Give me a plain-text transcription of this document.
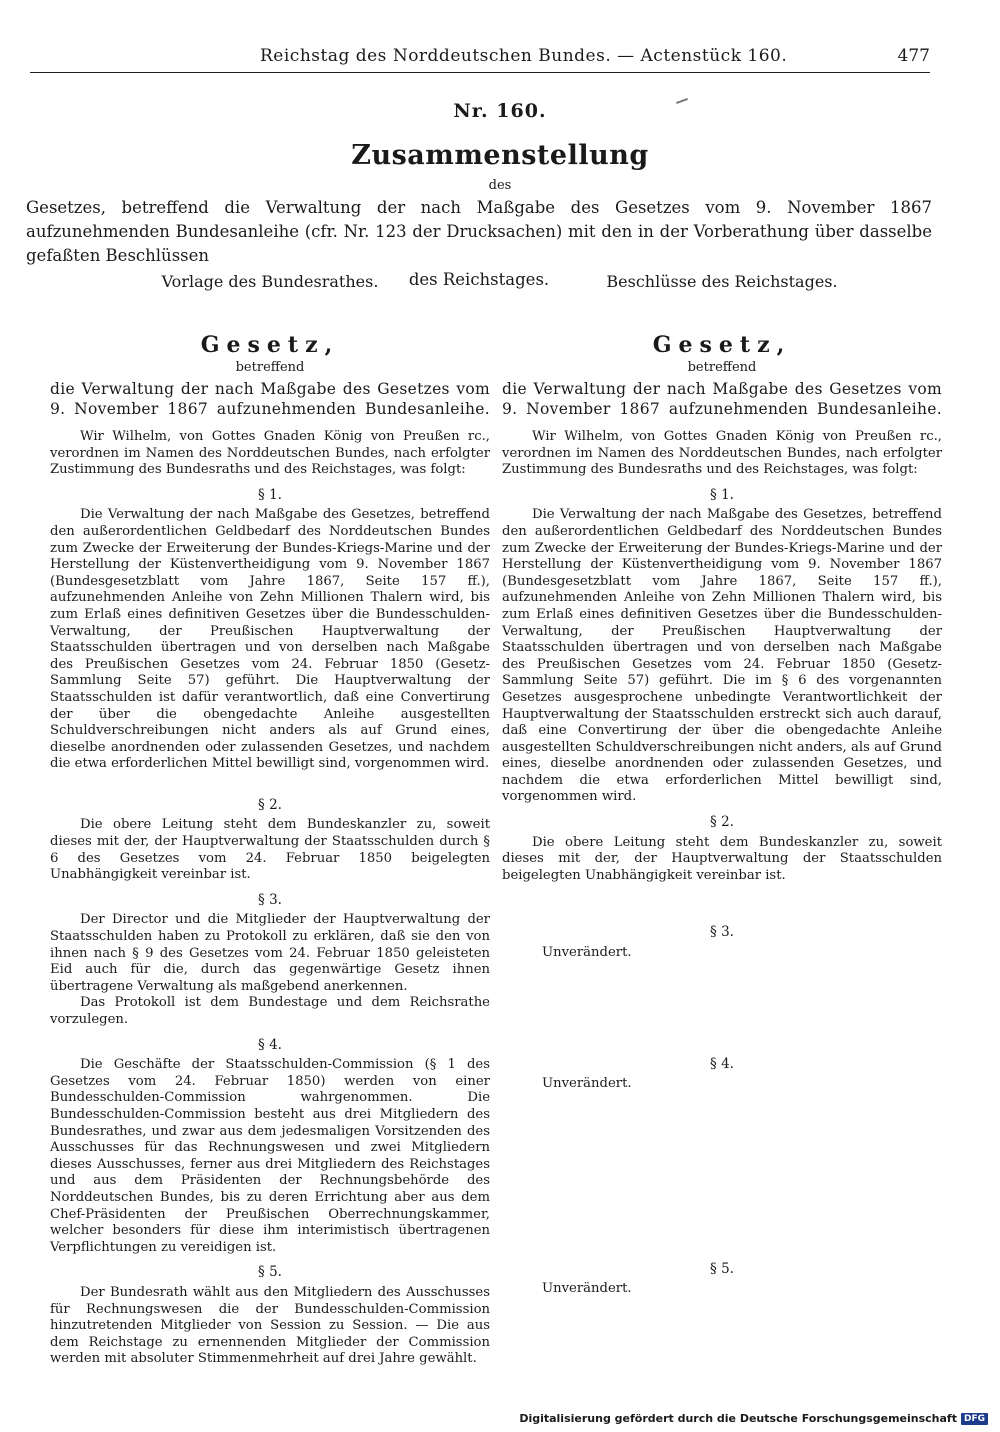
Reichstag des Norddeutschen Bundes. — Actenstück 160.	477
Nr. 160.
Zusammenstellung
des
Gesetzes, betreffend die Verwaltung der nach Maßgabe des Gesetzes vom 9. November 1867 aufzunehmenden Bundesanleihe (cfr. Nr. 123 der Drucksachen) mit den in der Vorberathung über dasselbe gefaßten Beschlüssen
des Reichstages.
Vorlage des Bundesrathes.	Beschlüsse des Reichstages.

Gesetz,

betreffend

die Verwaltung der nach Maßgabe des Gesetzes vom
9. November 1867 aufzunehmenden Bundesanleihe.

Wir Wilhelm, von Gottes Gnaden König von Preußen rc., verordnen im Namen des Norddeutschen Bundes, nach erfolgter Zustimmung des Bundesraths und des Reichstages, was folgt:

§ 1.

Die Verwaltung der nach Maßgabe des Gesetzes, betreffend den außerordentlichen Geldbedarf des Norddeutschen Bundes zum Zwecke der Erweiterung der Bundes-Kriegs-Marine und der Herstellung der Küstenvertheidigung vom 9. November 1867 (Bundesgesetzblatt vom Jahre 1867, Seite 157 ff.), aufzunehmenden Anleihe von Zehn Millionen Thalern wird, bis zum Erlaß eines definitiven Gesetzes über die Bundesschulden-Verwaltung, der Preußischen Hauptverwaltung der Staatsschulden übertragen und von derselben nach Maßgabe des Preußischen Gesetzes vom 24. Februar 1850 (Gesetz-Sammlung Seite 57) geführt. Die Hauptverwaltung der Staatsschulden ist dafür verantwortlich, daß eine Convertirung der über die obengedachte Anleihe ausgestellten Schuldverschreibungen nicht anders als auf Grund eines, dieselbe anordnenden oder zulassenden Gesetzes, und nachdem die etwa erforderlichen Mittel bewilligt sind, vorgenommen wird.

§ 2.

Die obere Leitung steht dem Bundeskanzler zu, soweit dieses mit der, der Hauptverwaltung der Staatsschulden durch § 6 des Gesetzes vom 24. Februar 1850 beigelegten Unabhängigkeit vereinbar ist.

§ 3.

Der Director und die Mitglieder der Hauptverwaltung der Staatsschulden haben zu Protokoll zu erklären, daß sie den von ihnen nach § 9 des Gesetzes vom 24. Februar 1850 geleisteten Eid auch für die, durch das gegenwärtige Gesetz ihnen übertragene Verwaltung als maßgebend anerkennen.

Das Protokoll ist dem Bundestage und dem Reichsrathe vorzulegen.

§ 4.

Die Geschäfte der Staatsschulden-Commission (§ 1 des Gesetzes vom 24. Februar 1850) werden von einer Bundesschulden-Commission wahrgenommen. Die Bundesschulden-Commission besteht aus drei Mitgliedern des Bundesrathes, und zwar aus dem jedesmaligen Vorsitzenden des Ausschusses für das Rechnungswesen und zwei Mitgliedern dieses Ausschusses, ferner aus drei Mitgliedern des Reichstages und aus dem Präsidenten der Rechnungsbehörde des Norddeutschen Bundes, bis zu deren Errichtung aber aus dem Chef-Präsidenten der Preußischen Oberrechnungskammer, welcher besonders für diese ihm interimistisch übertragenen Verpflichtungen zu vereidigen ist.

§ 5.

Der Bundesrath wählt aus den Mitgliedern des Ausschusses für Rechnungswesen die der Bundesschulden-Commission hinzutretenden Mitglieder von Session zu Session. — Die aus dem Reichstage zu ernennenden Mitglieder der Commission werden mit absoluter Stimmenmehrheit auf drei Jahre gewählt.

Gesetz,

betreffend

die Verwaltung der nach Maßgabe des Gesetzes vom
9. November 1867 aufzunehmenden Bundesanleihe.

Wir Wilhelm, von Gottes Gnaden König von Preußen rc., verordnen im Namen des Norddeutschen Bundes, nach erfolgter Zustimmung des Bundesraths und des Reichstages, was folgt:

§ 1.

Die Verwaltung der nach Maßgabe des Gesetzes, betreffend den außerordentlichen Geldbedarf des Norddeutschen Bundes zum Zwecke der Erweiterung der Bundes-Kriegs-Marine und der Herstellung der Küstenvertheidigung vom 9. November 1867 (Bundesgesetzblatt vom Jahre 1867, Seite 157 ff.), aufzunehmenden Anleihe von Zehn Millionen Thalern wird, bis zum Erlaß eines definitiven Gesetzes über die Bundesschulden-Verwaltung, der Preußischen Hauptverwaltung der Staatsschulden übertragen und von derselben nach Maßgabe des Preußischen Gesetzes vom 24. Februar 1850 (Gesetz-Sammlung Seite 57) geführt. Die im § 6 des vorgenannten Gesetzes ausgesprochene unbedingte Verantwortlichkeit der Hauptverwaltung der Staatsschulden erstreckt sich auch darauf, daß eine Convertirung der über die obengedachte Anleihe ausgestellten Schuldverschreibungen nicht anders, als auf Grund eines, dieselbe anordnenden oder zulassenden Gesetzes, und nachdem die etwa erforderlichen Mittel bewilligt sind, vorgenommen wird.

§ 2.

Die obere Leitung steht dem Bundeskanzler zu, soweit dieses mit der, der Hauptverwaltung der Staatsschulden beigelegten Unabhängigkeit vereinbar ist.

§ 3.

Unverändert.

§ 4.

Unverändert.

§ 5.

Unverändert.

Digitalisierung gefördert durch die Deutsche Forschungsgemeinschaft DFG
